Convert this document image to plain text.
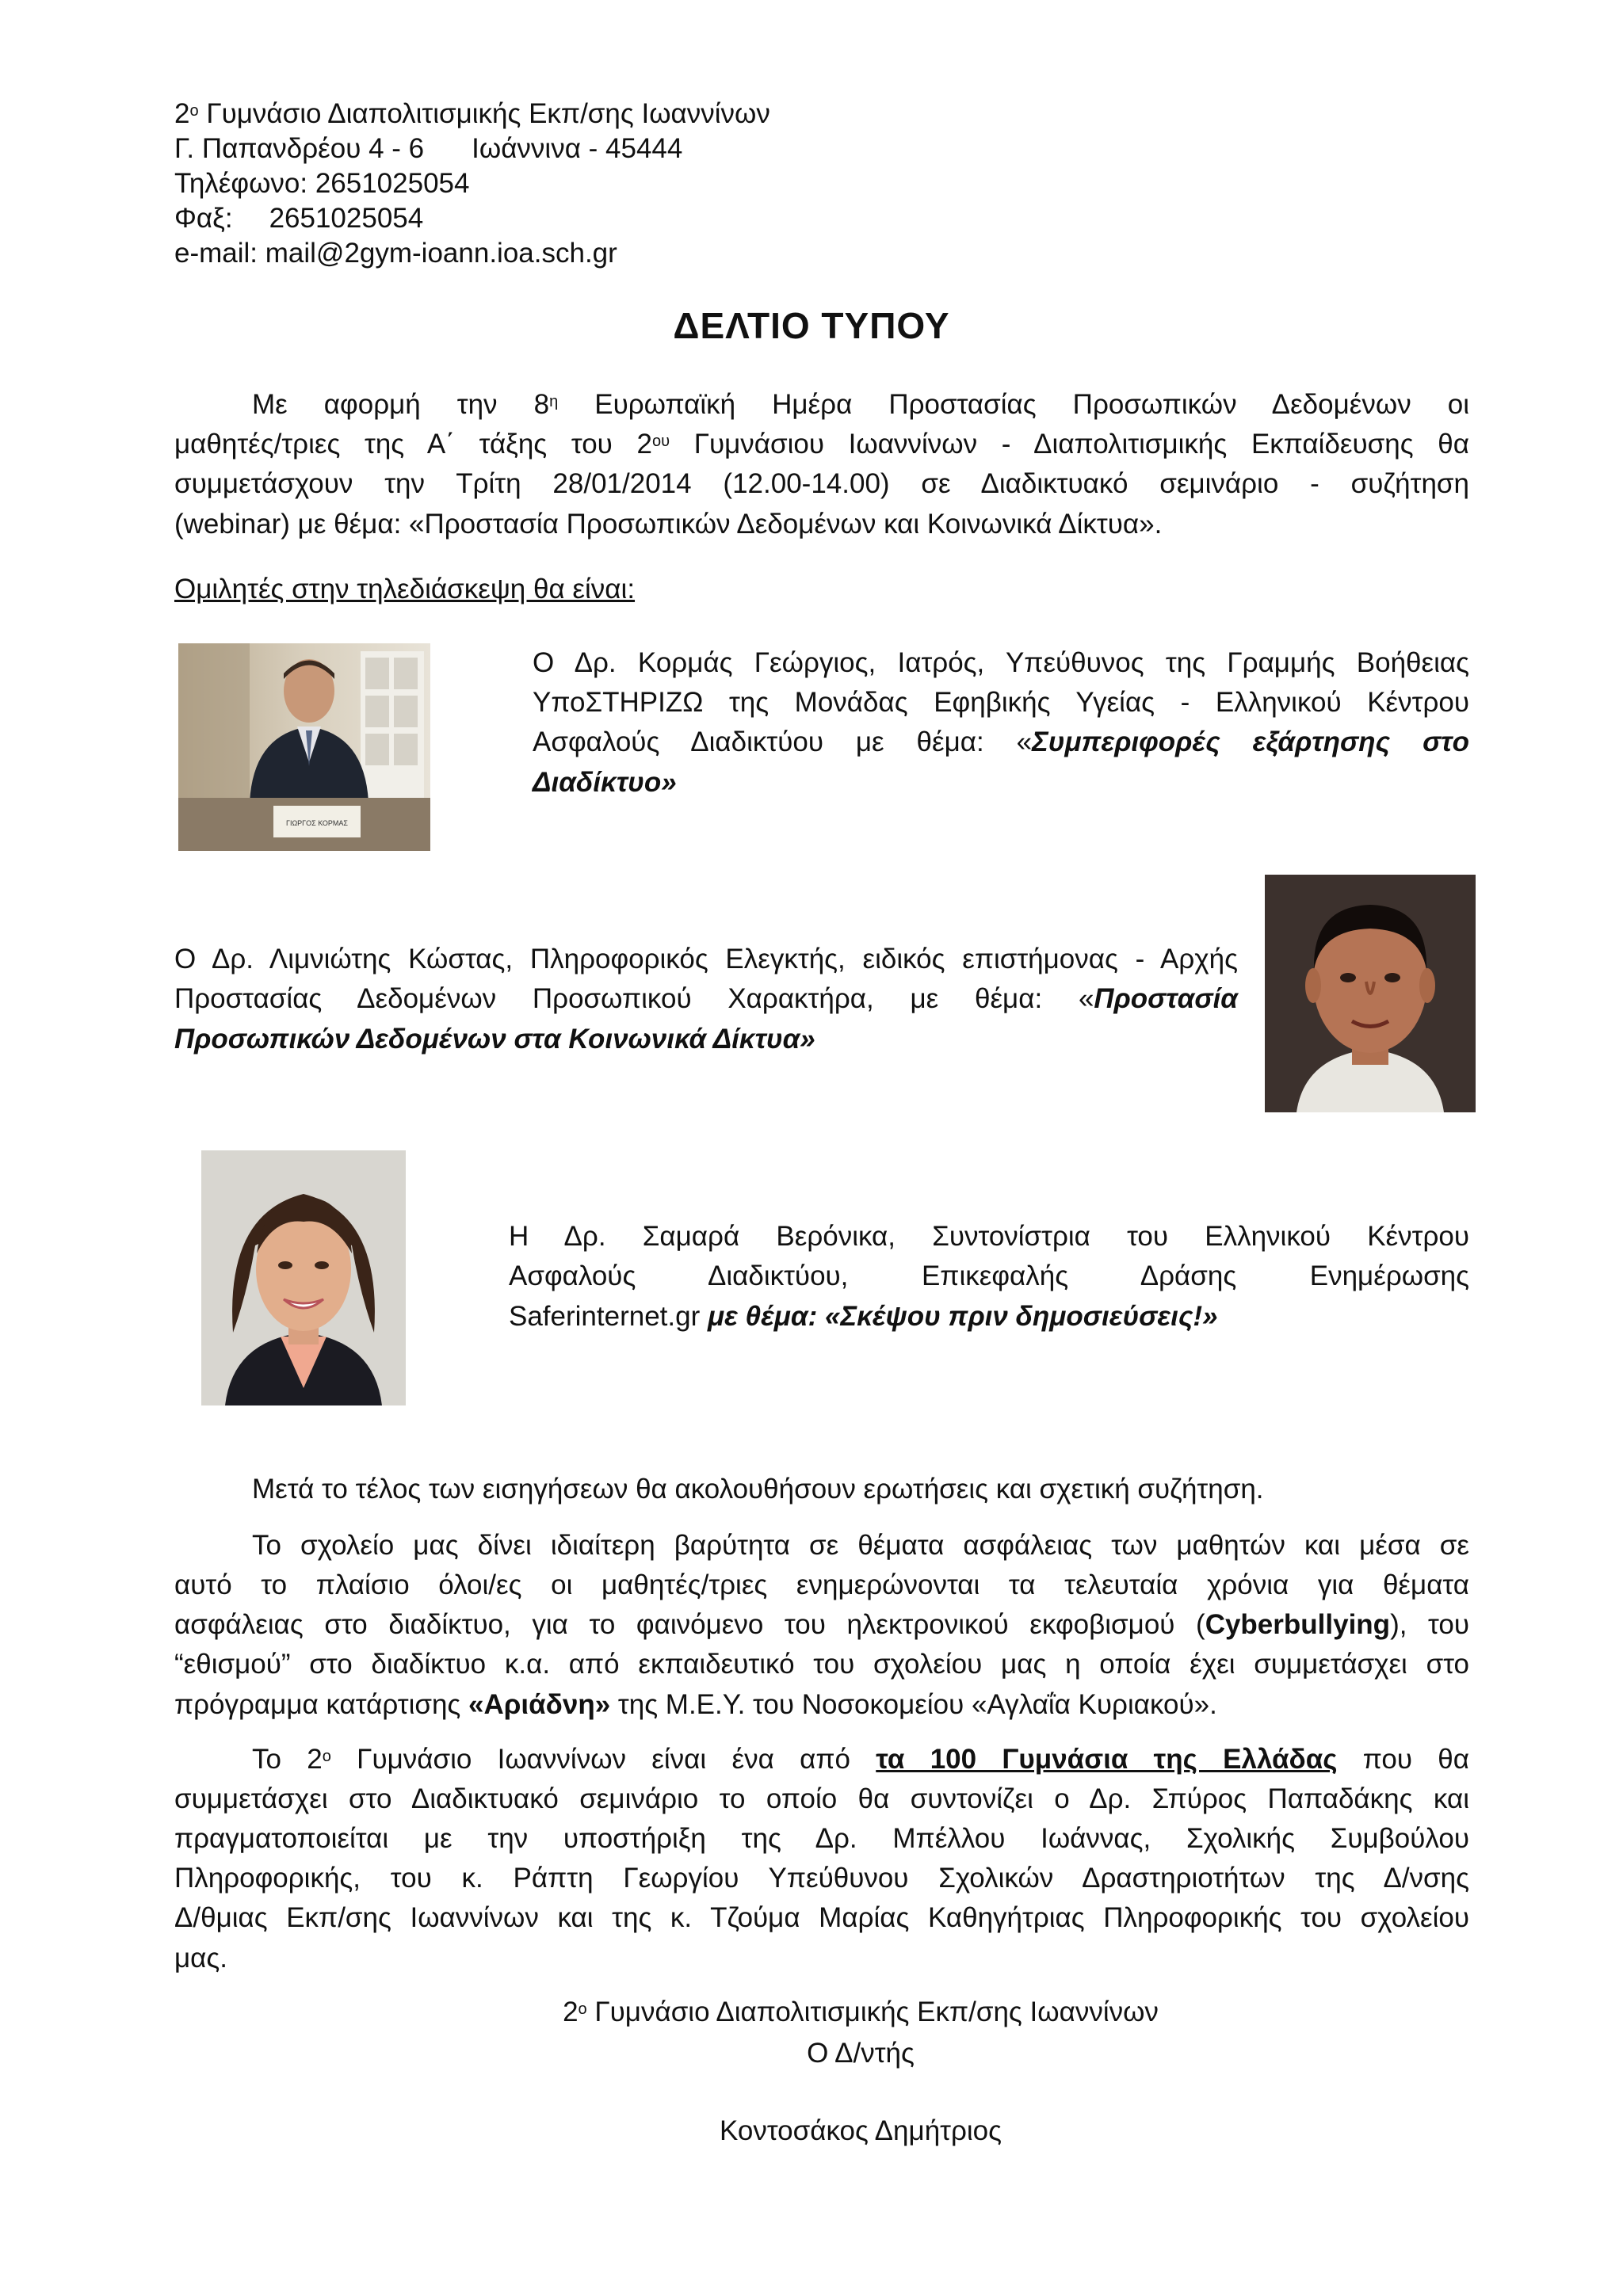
2$^o$ Γυμνάσιο Διαπολιτισμικής Εκπ/σης Ιωαννίνων
Γ. Παπανδρέου 4 - 6 Ιωάννινα - 45444
Τηλέφωνο: 2651025054
Φαξ: 2651025054
e-mail: mail@2gym-ioann.ioa.sch.gr
ΔΕΛΤΙΟ ΤΥΠΟΥ
Με αφορμή την $8^\eta$ Ευρωπαϊκή Ημέρα Προστασίας Προσωπικών Δεδομένων οι
μαθητές/τριες της Α΄ τάξης του $2^{o\upsilon}$ Γυμνάσιου Ιωαννίνων - Διαπολιτισμικής Εκπαίδευσης θα
συμμετάσχουν την Τρίτη 28/01/2014 (12.00-14.00) σε Διαδικτυακό σεμινάριο - συζήτηση
(webinar) με θέμα: «Προστασία Προσωπικών Δεδομένων και Κοινωνικά Δίκτυα».
Ομιλητές στην τηλεδιάσκεψη θα είναι:
ΓΙΩΡΓΟΣ ΚΟΡΜΑΣ
Ο Δρ. Κορμάς Γεώργιος, Ιατρός, Υπεύθυνος της Γραμμής Βοήθειας
ΥποΣΤΗΡΙΖΩ της Μονάδας Εφηβικής Υγείας - Ελληνικού Κέντρου
Ασφαλούς Διαδικτύου με θέμα: «Συμπεριφορές εξάρτησης στο
Διαδίκτυο»
Ο Δρ. Λιμνιώτης Κώστας, Πληροφορικός Ελεγκτής, ειδικός επιστήμονας - Αρχής
Προστασίας Δεδομένων Προσωπικού Χαρακτήρα, με θέμα: «Προστασία
Προσωπικών Δεδομένων στα Κοινωνικά Δίκτυα»
Η Δρ. Σαμαρά Βερόνικα, Συντονίστρια του Ελληνικού Κέντρου
Ασφαλούς Διαδικτύου, Επικεφαλής Δράσης Ενημέρωσης
Saferinternet.gr με θέμα: «Σκέψου πριν δημοσιεύσεις!»
Μετά το τέλος των εισηγήσεων θα ακολουθήσουν ερωτήσεις και σχετική συζήτηση.
Το σχολείο μας δίνει ιδιαίτερη βαρύτητα σε θέματα ασφάλειας των μαθητών και μέσα σε
αυτό το πλαίσιο όλοι/ες οι μαθητές/τριες ενημερώνονται τα τελευταία χρόνια για θέματα
ασφάλειας στο διαδίκτυο, για το φαινόμενο του ηλεκτρονικού εκφοβισμού (Cyberbullying), του
“εθισμού” στο διαδίκτυο κ.α. από εκπαιδευτικό του σχολείου μας η οποία έχει συμμετάσχει στο
πρόγραμμα κατάρτισης «Αριάδνη» της Μ.Ε.Υ. του Νοσοκομείου «Αγλαΐα Κυριακού».
Το $2^o$ Γυμνάσιο Ιωαννίνων είναι ένα από τα 100 Γυμνάσια της Ελλάδας που θα
συμμετάσχει στο Διαδικτυακό σεμινάριο το οποίο θα συντονίζει ο Δρ. Σπύρος Παπαδάκης και
πραγματοποιείται με την υποστήριξη της Δρ. Μπέλλου Ιωάννας, Σχολικής Συμβούλου
Πληροφορικής, του κ. Ράπτη Γεωργίου Υπεύθυνου Σχολικών Δραστηριοτήτων της Δ/νσης
Δ/θμιας Εκπ/σης Ιωαννίνων και της κ. Τζούμα Μαρίας Καθηγήτριας Πληροφορικής του σχολείου
μας.
$2^o$ Γυμνάσιο Διαπολιτισμικής Εκπ/σης Ιωαννίνων
Ο Δ/ντής
Κοντοσάκος Δημήτριος
